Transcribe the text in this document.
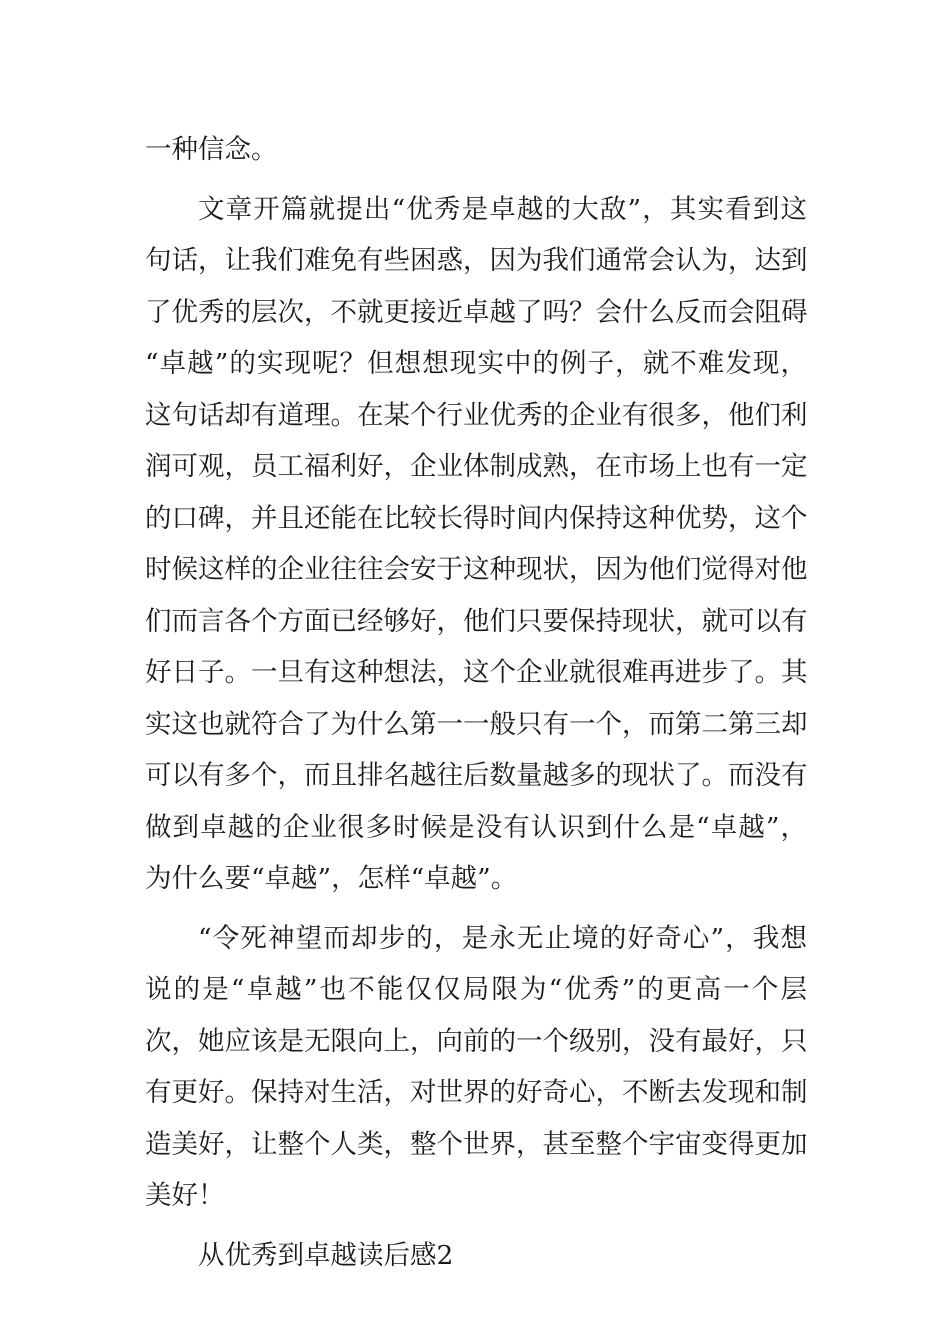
一种信念。
文章开篇就提出“优秀是卓越的大敌”，其实看到这
句话，让我们难免有些困惑，因为我们通常会认为，达到
了优秀的层次，不就更接近卓越了吗？会什么反而会阻碍
“卓越”的实现呢？但想想现实中的例子，就不难发现，
这句话却有道理。在某个行业优秀的企业有很多，他们利
润可观，员工福利好，企业体制成熟，在市场上也有一定
的口碑，并且还能在比较长得时间内保持这种优势，这个
时候这样的企业往往会安于这种现状，因为他们觉得对他
们而言各个方面已经够好，他们只要保持现状，就可以有
好日子。一旦有这种想法，这个企业就很难再进步了。其
实这也就符合了为什么第一一般只有一个，而第二第三却
可以有多个，而且排名越往后数量越多的现状了。而没有
做到卓越的企业很多时候是没有认识到什么是“卓越”，
为什么要“卓越”，怎样“卓越”。
“令死神望而却步的，是永无止境的好奇心”，我想
说的是“卓越”也不能仅仅局限为“优秀”的更高一个层
次，她应该是无限向上，向前的一个级别，没有最好，只
有更好。保持对生活，对世界的好奇心，不断去发现和制
造美好，让整个人类，整个世界，甚至整个宇宙变得更加
美好！
从优秀到卓越读后感2
